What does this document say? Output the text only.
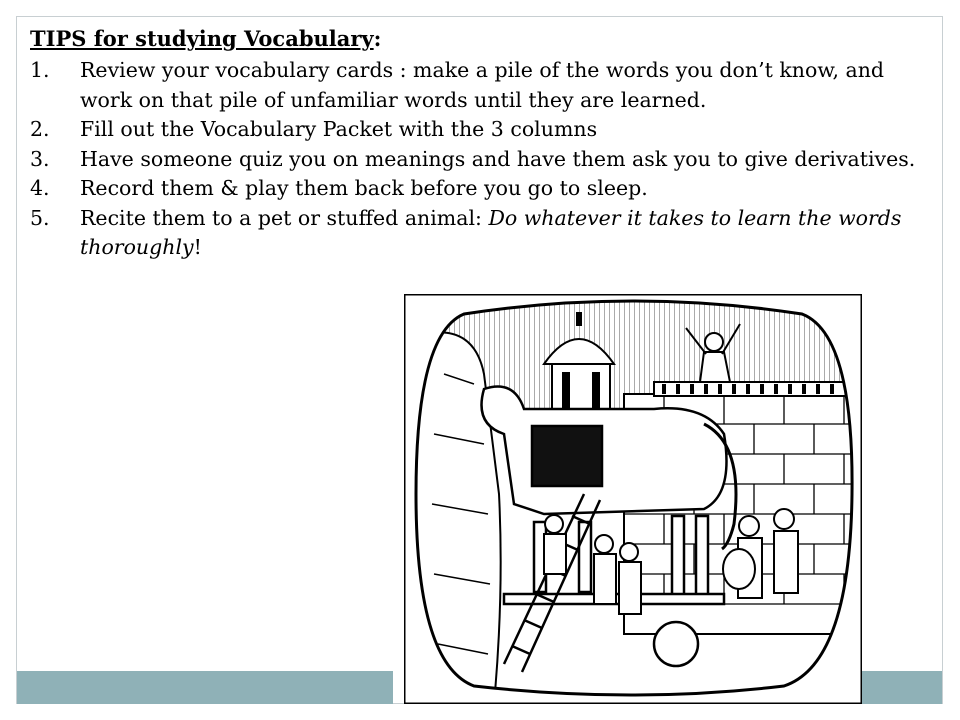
TIPS for studying Vocabulary:
1.	Review your vocabulary cards : make a pile of the words you don’t know, and work on that pile of unfamiliar words until they are learned.
2.	Fill out the Vocabulary Packet with the 3 columns
3.	Have someone quiz you on meanings and have them ask you to give derivatives.
4.	Record them & play them back before you go to sleep.
5.	Recite them to a pet or stuffed animal: Do whatever it takes to learn the words thoroughly!
